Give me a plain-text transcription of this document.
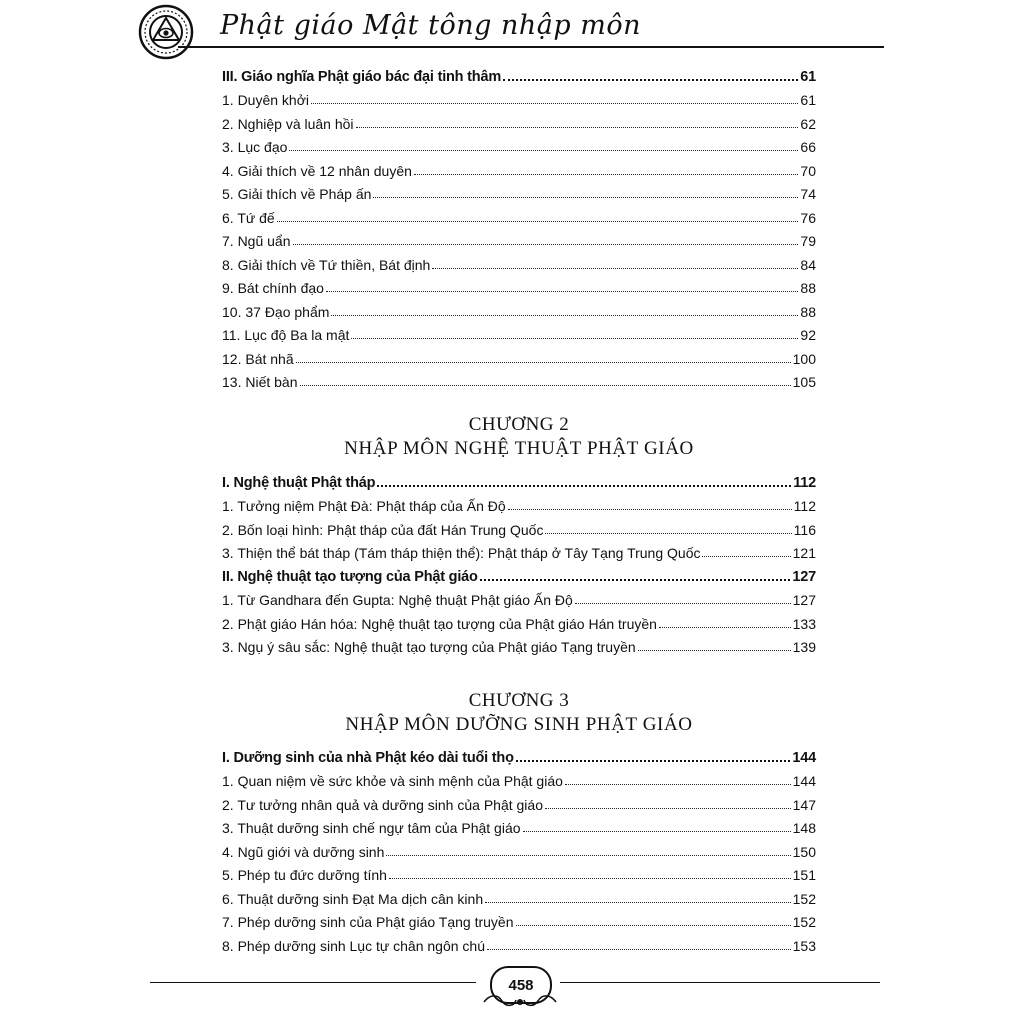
Phật giáo Mật tông nhập môn
III. Giáo nghĩa Phật giáo bác đại tinh thâm	61
1. Duyên khởi	61
2. Nghiệp và luân hồi	62
3. Lục đạo	66
4. Giải thích về 12 nhân duyên	70
5. Giải thích về Pháp ấn	74
6. Tứ đế	76
7. Ngũ uẩn	79
8. Giải thích về Tứ thiền, Bát định	84
9. Bát chính đạo	88
10. 37 Đạo phẩm	88
11. Lục độ Ba la mật	92
12. Bát nhã	100
13. Niết bàn	105
CHƯƠNG 2
NHẬP MÔN NGHỆ THUẬT PHẬT GIÁO
I. Nghệ thuật Phật tháp	112
1. Tưởng niệm Phật Đà: Phật tháp của Ấn Độ	112
2. Bốn loại hình: Phật tháp của đất Hán Trung Quốc	116
3. Thiện thể bát tháp (Tám tháp thiện thể): Phật tháp ở Tây Tạng Trung Quốc	121
II. Nghệ thuật tạo tượng của Phật giáo	127
1. Từ Gandhara đến Gupta: Nghệ thuật Phật giáo Ấn Độ	127
2. Phật giáo Hán hóa: Nghệ thuật tạo tượng của Phật giáo Hán truyền	133
3. Ngụ ý sâu sắc: Nghệ thuật tạo tượng của Phật giáo Tạng truyền	139
CHƯƠNG 3
NHẬP MÔN DƯỠNG SINH PHẬT GIÁO
I. Dưỡng sinh của nhà Phật kéo dài tuổi thọ	144
1. Quan niệm về sức khỏe và sinh mệnh của Phật giáo	144
2. Tư tưởng nhân quả và dưỡng sinh của Phật giáo	147
3. Thuật dưỡng sinh chế ngự tâm của Phật giáo	148
4. Ngũ giới và dưỡng sinh	150
5. Phép tu đức dưỡng tính	151
6. Thuật dưỡng sinh Đạt Ma dịch cân kinh	152
7. Phép dưỡng sinh của Phật giáo Tạng truyền	152
8. Phép dưỡng sinh Lục tự chân ngôn chú	153
458
